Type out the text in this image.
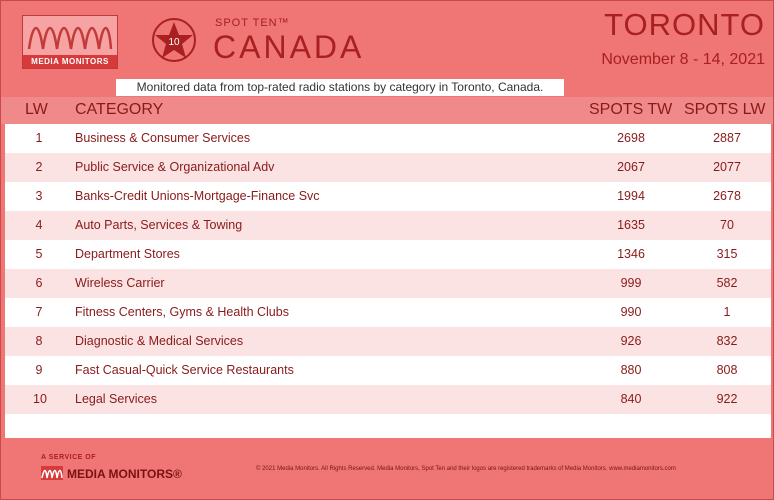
MEDIA MONITORS
10
SPOT TEN™
CANADA
TORONTO
November 8 - 14, 2021
Monitored data from top-rated radio stations by category in Toronto, Canada.
LW CATEGORY	SPOTS TW SPOTS LW
1	Business & Consumer Services	2698	2887
2	Public Service & Organizational Adv	2067	2077
3	Banks-Credit Unions-Mortgage-Finance Svc	1994	2678
4	Auto Parts, Services & Towing	1635	70
5	Department Stores	1346	315
6	Wireless Carrier	999	582
7	Fitness Centers, Gyms & Health Clubs	990	1
8	Diagnostic & Medical Services	926	832
9	Fast Casual-Quick Service Restaurants	880	808
10 Legal Services	840	922
A SERVICE OF
MEDIA MONITORS®	© 2021 Media Monitors. All Rights Reserved. Media Monitors, Spot Ten and their logos are registered trademarks of Media Monitors. www.mediamonitors.com
